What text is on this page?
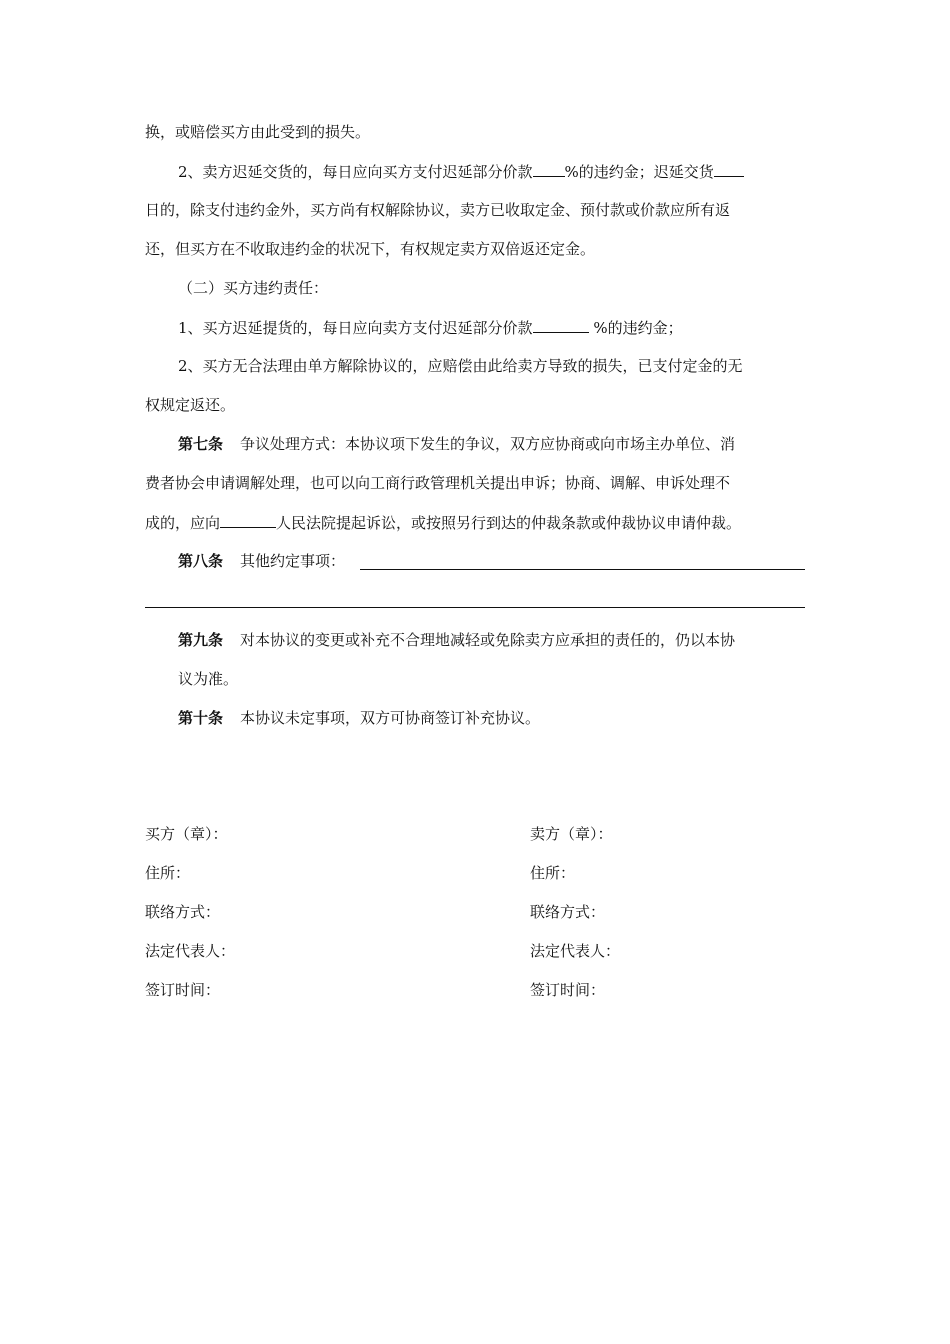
换，或赔偿买方由此受到的损失。
2、卖方迟延交货的，每日应向买方支付迟延部分价款 %的违约金；迟延交货
日的，除支付违约金外，买方尚有权解除协议，卖方已收取定金、预付款或价款应所有返
还，但买方在不收取违约金的状况下，有权规定卖方双倍返还定金。
（二）买方违约责任：
1、买方迟延提货的，每日应向卖方支付迟延部分价款	%的违约金；
2、买方无合法理由单方解除协议的，应赔偿由此给卖方导致的损失，已支付定金的无
权规定返还。
第七条 争议处理方式：本协议项下发生的争议，双方应协商或向市场主办单位、消
费者协会申请调解处理，也可以向工商行政管理机关提出申诉；协商、调解、申诉处理不
成的，应向	人民法院提起诉讼，或按照另行到达的仲裁条款或仲裁协议申请仲裁。
第八条 其他约定事项：
第九条 对本协议的变更或补充不合理地减轻或免除卖方应承担的责任的，仍以本协
议为准。
第十条 本协议未定事项，双方可协商签订补充协议。
买方（章）：
住所：
联络方式：
法定代表人：
签订时间：
卖方（章）：
住所：
联络方式：
法定代表人：
签订时间：
